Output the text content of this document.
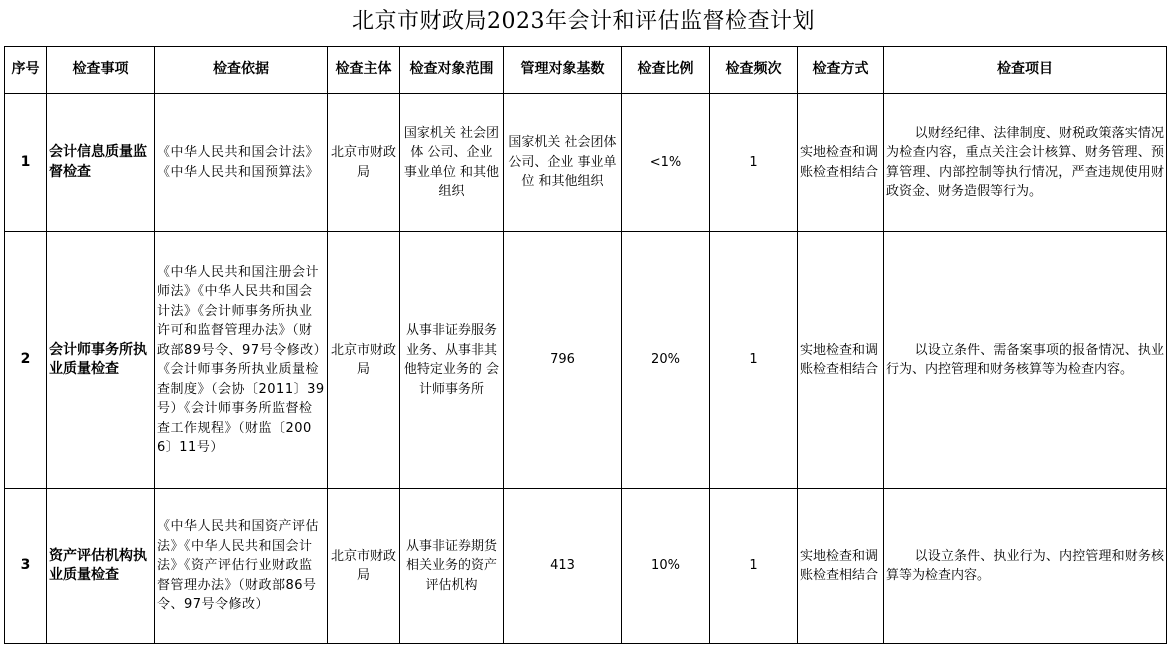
北京市财政局2023年会计和评估监督检查计划
序号	检查事项	检查依据	检查主体	检查对象范围	管理对象基数	检查比例	检查频次	检查方式	检查项目
1	会计信息质量监督检查	《中华人民共和国会计法》《中华人民共和国预算法》	北京市财政局	国家机关 社会团体 公司、企业 事业单位 和其他组织	国家机关 社会团体 公司、企业 事业单位 和其他组织	<1%	1	实地检查和调账检查相结合	以财经纪律、法律制度、财税政策落实情况为检查内容，重点关注会计核算、财务管理、预算管理、内部控制等执行情况，严查违规使用财政资金、财务造假等行为。
2	会计师事务所执业质量检查	《中华人民共和国注册会计师法》《中华人民共和国会计法》《会计师事务所执业许可和监督管理办法》（财政部89号令、97号令修改）《会计师事务所执业质量检查制度》（会协〔2011〕39号）《会计师事务所监督检查工作规程》（财监〔2006〕11号）	北京市财政局	从事非证券服务业务、从事非其他特定业务的 会计师事务所	796	20%	1	实地检查和调账检查相结合	以设立条件、需备案事项的报备情况、执业行为、内控管理和财务核算等为检查内容。
3	资产评估机构执业质量检查	《中华人民共和国资产评估法》《中华人民共和国会计法》《资产评估行业财政监督管理办法》（财政部86号令、97号令修改）	北京市财政局	从事非证券期货相关业务的资产评估机构	413	10%	1	实地检查和调账检查相结合	以设立条件、执业行为、内控管理和财务核算等为检查内容。
